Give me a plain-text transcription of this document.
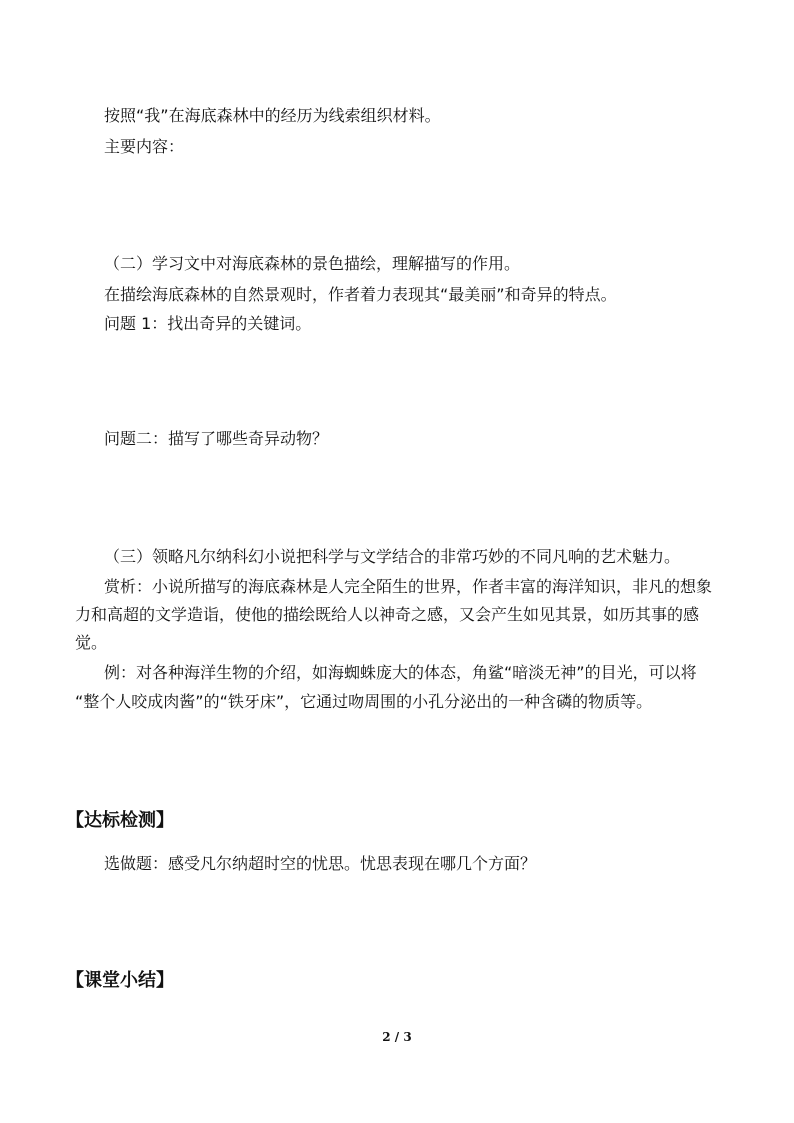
按照“我”在海底森林中的经历为线索组织材料。
主要内容：
（二）学习文中对海底森林的景色描绘，理解描写的作用。
在描绘海底森林的自然景观时，作者着力表现其“最美丽”和奇异的特点。
问题 1：找出奇异的关键词。
问题二：描写了哪些奇异动物？
（三）领略凡尔纳科幻小说把科学与文学结合的非常巧妙的不同凡响的艺术魅力。
赏析：小说所描写的海底森林是人完全陌生的世界，作者丰富的海洋知识，非凡的想象
力和高超的文学造诣，使他的描绘既给人以神奇之感，又会产生如见其景，如历其事的感
觉。
例：对各种海洋生物的介绍，如海蜘蛛庞大的体态，角鲨“暗淡无神”的目光，可以将
“整个人咬成肉酱”的“铁牙床”，它通过吻周围的小孔分泌出的一种含磷的物质等。
【达标检测】
选做题：感受凡尔纳超时空的忧思。忧思表现在哪几个方面？
【课堂小结】
2 / 3
